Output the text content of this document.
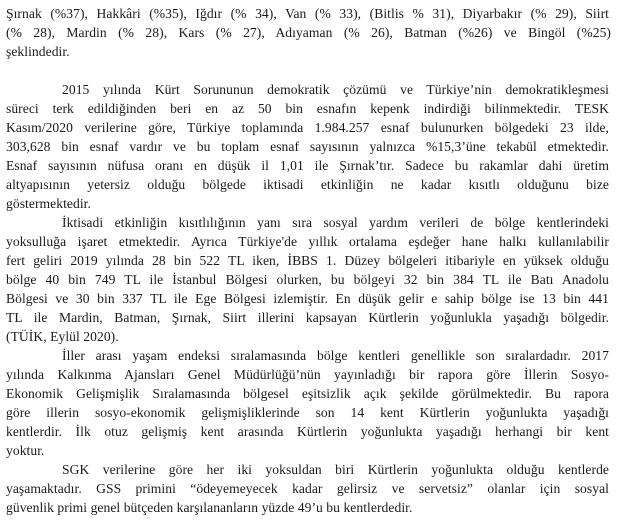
Şırnak (%37), Hakkâri (%35), Iğdır (% 34), Van (% 33), (Bitlis % 31), Diyarbakır (% 29), Siirt
(% 28), Mardin (% 28), Kars (% 27), Adıyaman (% 26), Batman (%26) ve Bingöl (%25)
şeklindedir.
2015 yılında Kürt Sorununun demokratik çözümü ve Türkiye’nin demokratikleşmesi
süreci terk edildiğinden beri en az 50 bin esnafın kepenk indirdiği bilinmektedir. TESK
Kasım/2020 verilerine göre, Türkiye toplamında 1.984.257 esnaf bulunurken bölgedeki 23 ilde,
303,628 bin esnaf vardır ve bu toplam esnaf sayısının yalnızca %15,3’üne tekabül etmektedir.
Esnaf sayısının nüfusa oranı en düşük il 1,01 ile Şırnak’tır. Sadece bu rakamlar dahi üretim
altyapısının yetersiz olduğu bölgede iktisadi etkinliğin ne kadar kısıtlı olduğunu bize
göstermektedir.
İktisadi etkinliğin kısıtlılığının yanı sıra sosyal yardım verileri de bölge kentlerindeki
yoksulluğa işaret etmektedir. Ayrıca Türkiye'de yıllık ortalama eşdeğer hane halkı kullanılabilir
fert geliri 2019 yılında 28 bin 522 TL iken, İBBS 1. Düzey bölgeleri itibariyle en yüksek olduğu
bölge 40 bin 749 TL ile İstanbul Bölgesi olurken, bu bölgeyi 32 bin 384 TL ile Batı Anadolu
Bölgesi ve 30 bin 337 TL ile Ege Bölgesi izlemiştir. En düşük gelir e sahip bölge ise 13 bin 441
TL ile Mardin, Batman, Şırnak, Siirt illerini kapsayan Kürtlerin yoğunlukla yaşadığı bölgedir.
(TÜİK, Eylül 2020).
İller arası yaşam endeksi sıralamasında bölge kentleri genellikle son sıralardadır. 2017
yılında Kalkınma Ajansları Genel Müdürlüğü’nün yayınladığı bir rapora göre İllerin Sosyo-
Ekonomik Gelişmişlik Sıralamasında bölgesel eşitsizlik açık şekilde görülmektedir. Bu rapora
göre illerin sosyo-ekonomik gelişmişliklerinde son 14 kent Kürtlerin yoğunlukta yaşadığı
kentlerdir. İlk otuz gelişmiş kent arasında Kürtlerin yoğunlukta yaşadığı herhangi bir kent
yoktur.
SGK verilerine göre her iki yoksuldan biri Kürtlerin yoğunlukta olduğu kentlerde
yaşamaktadır. GSS primini “ödeyemeyecek kadar gelirsiz ve servetsiz” olanlar için sosyal
güvenlik primi genel bütçeden karşılananların yüzde 49’u bu kentlerdedir.
